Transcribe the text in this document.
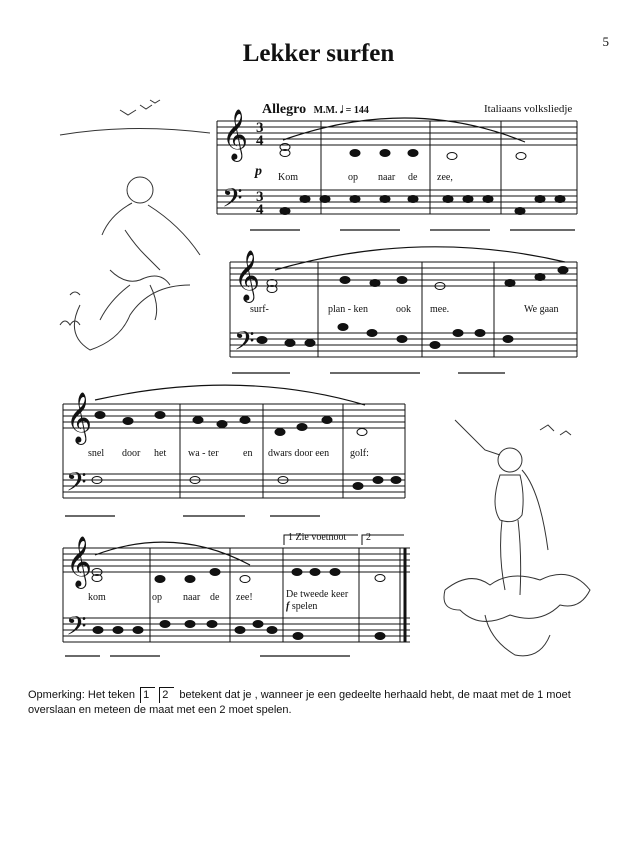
5
Lekker surfen
Allegro M.M. 𝅗𝅥 = 144	Italiaans volksliedje
𝄞
𝄢
𝄞
𝄢
𝄞
𝄢
𝄞
𝄢
3
4
3
4
p Kom	op naar de zee,
surf-	plan - ken	ook mee.	We gaan
snel door het wa - ter en dwars door een golf:
kom	op naar de zee!
1 Zie voetnoot 2
De tweede keer
f spelen
Opmerking: Het teken 1 2 betekent dat je , wanneer je een gedeelte herhaald hebt, de maat met de 1 moet overslaan en meteen de maat met een 2 moet spelen.
